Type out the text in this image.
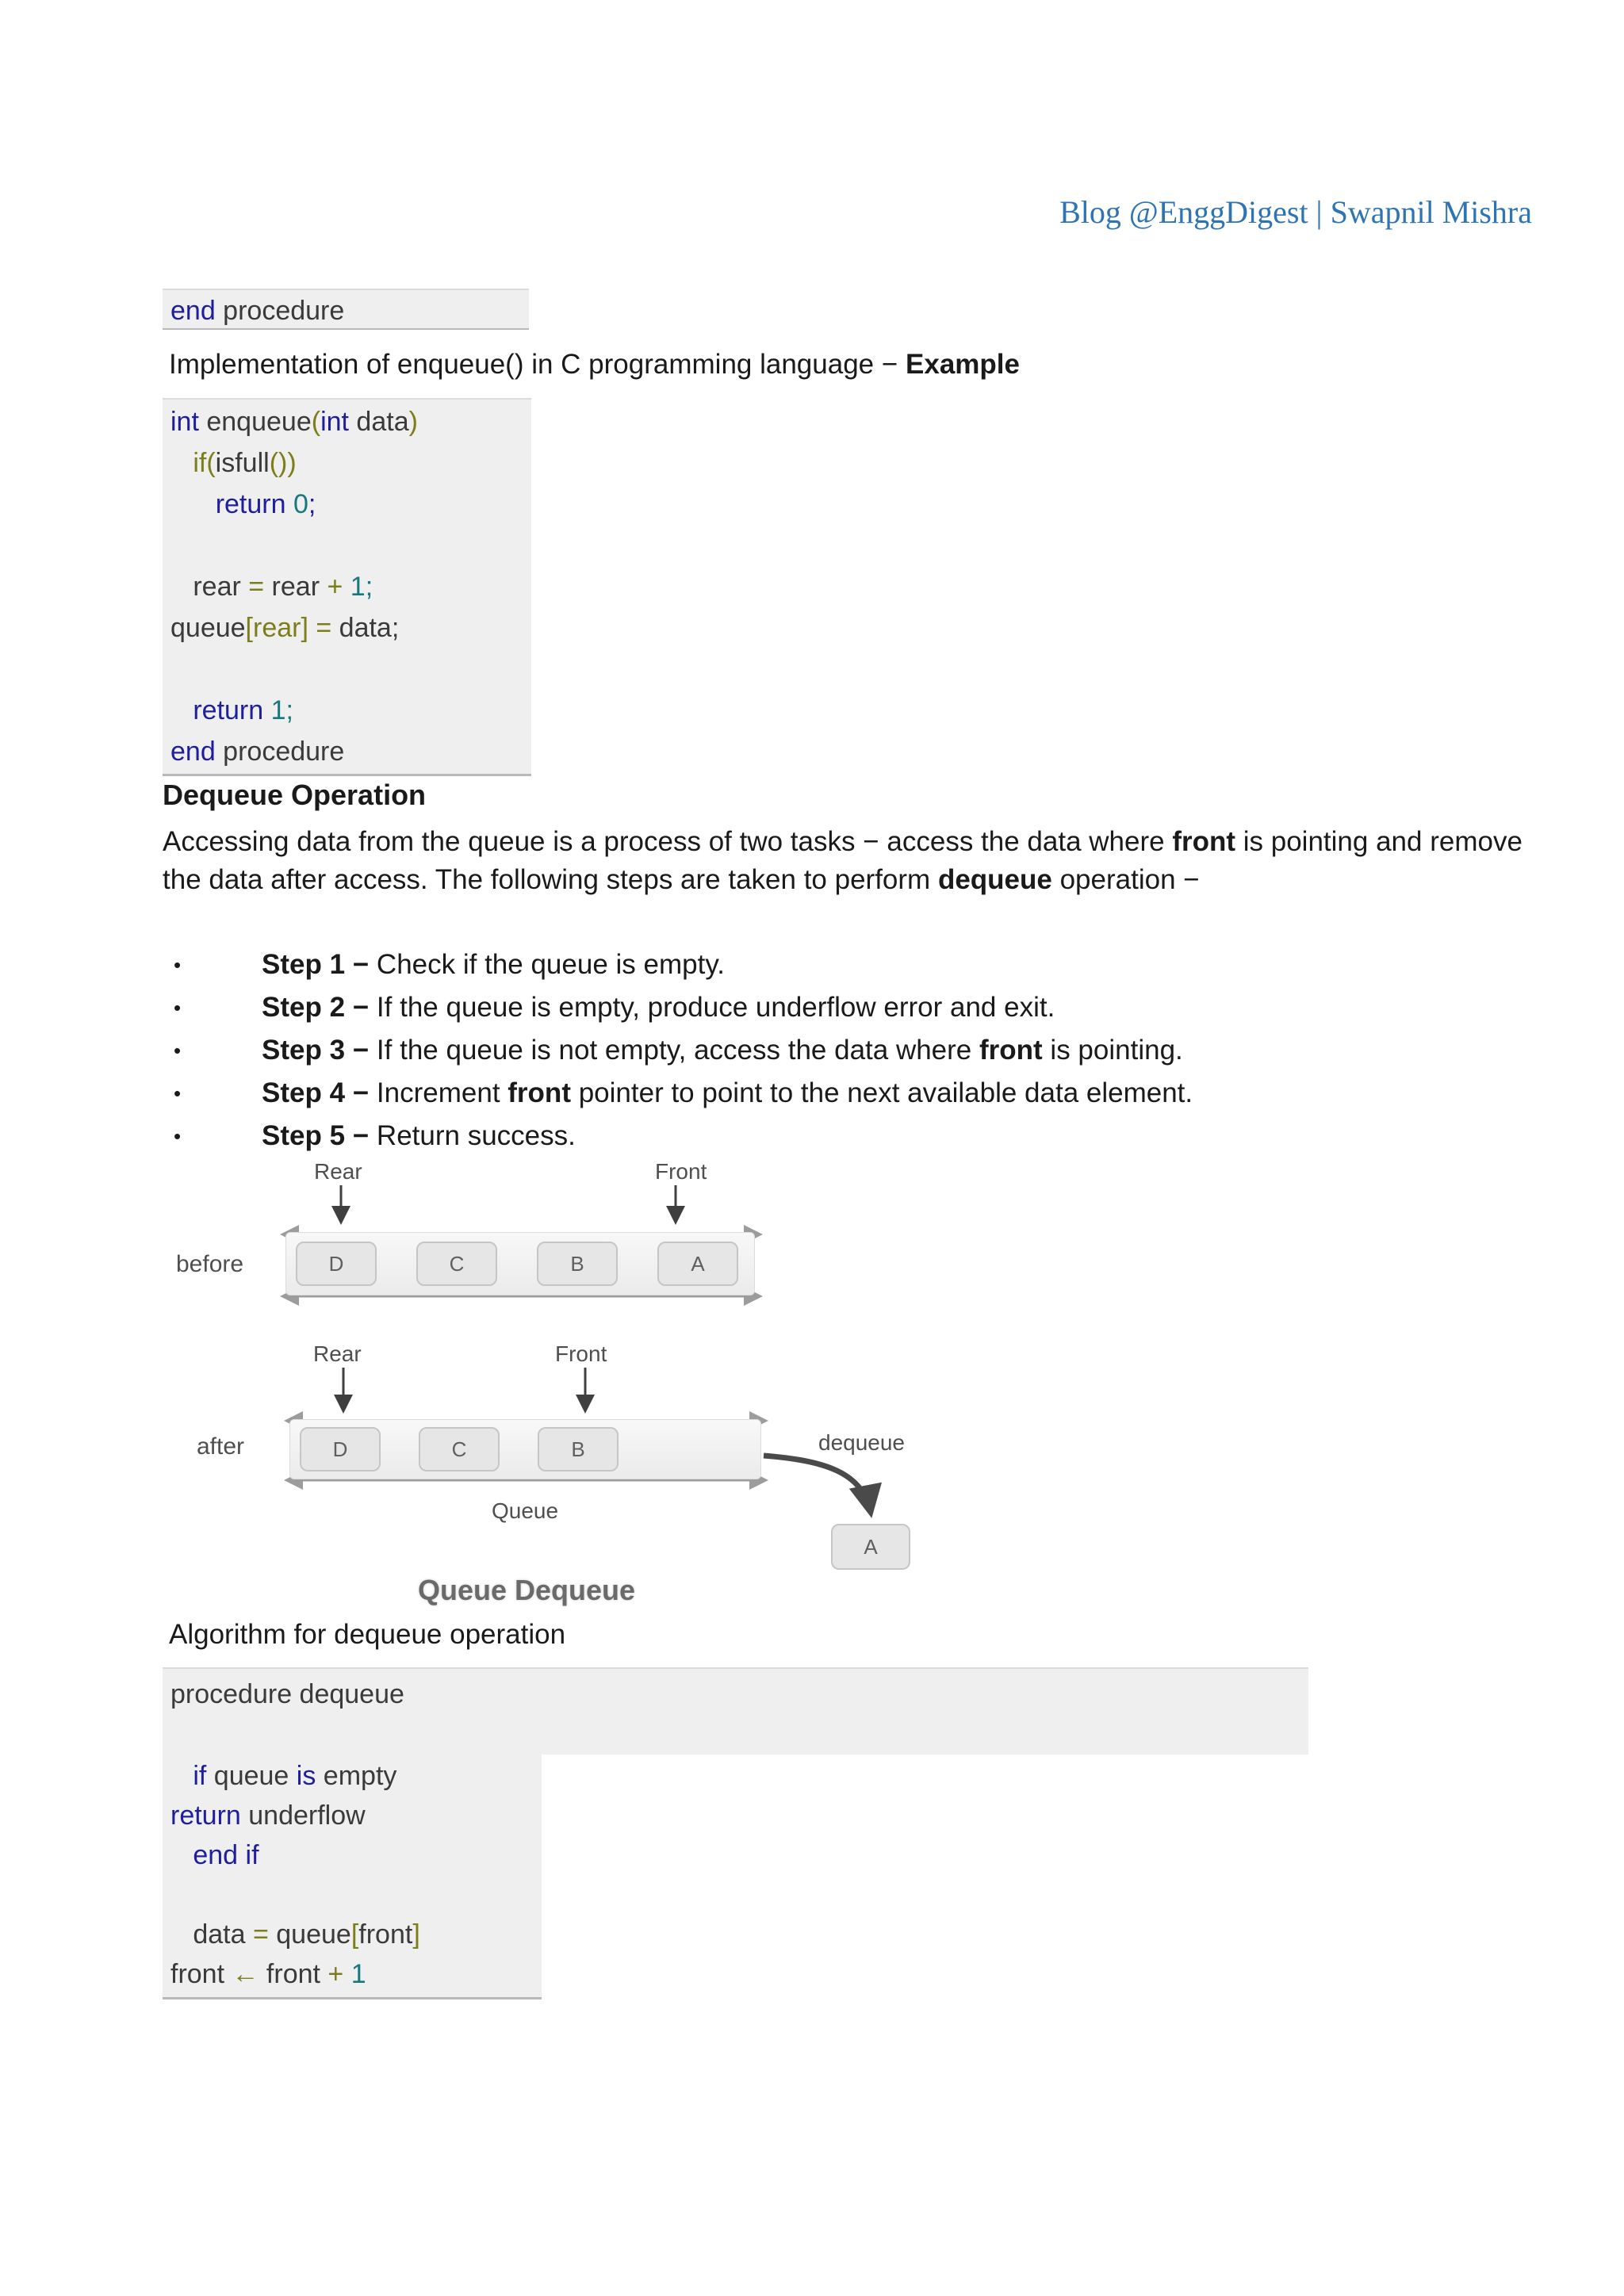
Blog @EnggDigest | Swapnil Mishra
end procedure
Implementation of enqueue() in C programming language − Example
int enqueue(int data)
if(isfull())
return 0;

rear = rear + 1;
queue[rear] = data;

return 1;
end procedure
Dequeue Operation
Accessing data from the queue is a process of two tasks − access the data where front is pointing and remove the data after access. The following steps are taken to perform dequeue operation −
•	Step 1 − Check if the queue is empty.
•	Step 2 − If the queue is empty, produce underflow error and exit.
•	Step 3 − If the queue is not empty, access the data where front is pointing.
•	Step 4 − Increment front pointer to point to the next available data element.
•	Step 5 − Return success.
Rear	Front
before	D	C	B	A
Rear	Front
after	D	C	B	dequeue
A
Queue
Queue Dequeue
Algorithm for dequeue operation
procedure dequeue
if queue is empty
return underflow
end if

data = queue[front]
front ← front + 1
